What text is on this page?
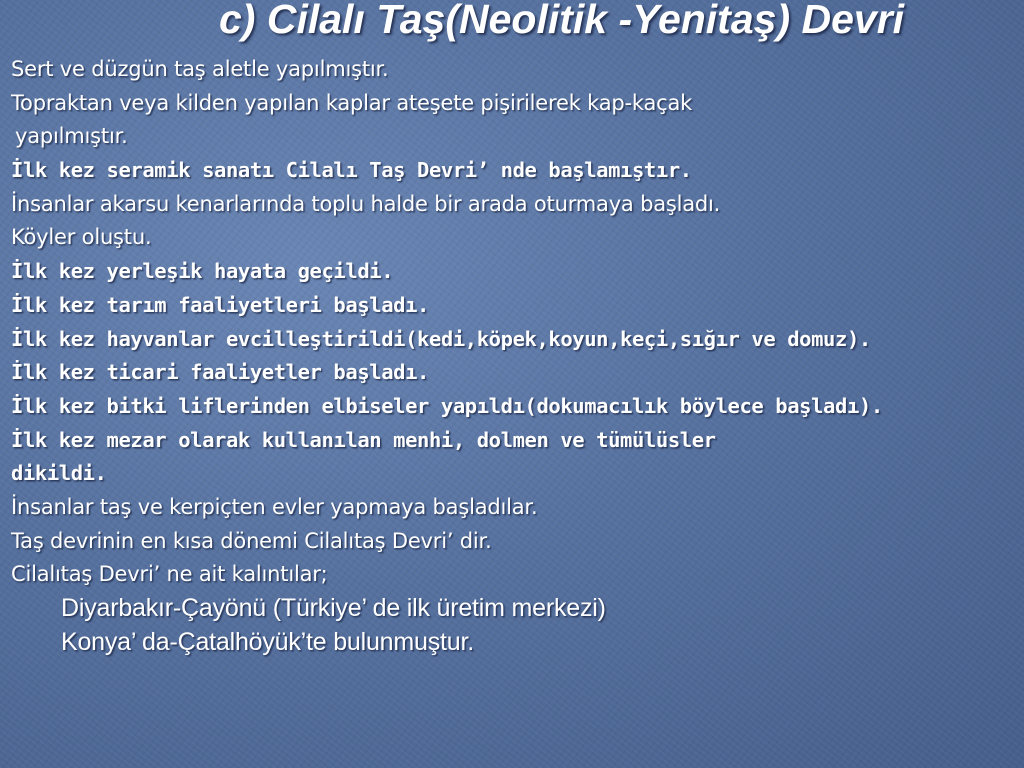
c) Cilalı Taş(Neolitik -Yenitaş) Devri
Sert ve düzgün taş aletle yapılmıştır.
Topraktan veya kilden yapılan kaplar ateşete pişirilerek kap-kaçak
yapılmıştır.
İlk kez seramik sanatı Cilalı Taş Devri’ nde başlamıştır.
İnsanlar akarsu kenarlarında toplu halde bir arada oturmaya başladı.
Köyler oluştu.
İlk kez yerleşik hayata geçildi.
İlk kez tarım faaliyetleri başladı.
İlk kez hayvanlar evcilleştirildi(kedi,köpek,koyun,keçi,sığır ve domuz).
İlk kez ticari faaliyetler başladı.
İlk kez bitki liflerinden elbiseler yapıldı(dokumacılık böylece başladı).
İlk kez mezar olarak kullanılan menhi, dolmen ve tümülüsler
dikildi.
İnsanlar taş ve kerpiçten evler yapmaya başladılar.
Taş devrinin en kısa dönemi Cilalıtaş Devri’ dir.
Cilalıtaş Devri’ ne ait kalıntılar;
Diyarbakır-Çayönü (Türkiye’ de ilk üretim merkezi)
Konya’ da-Çatalhöyük’te bulunmuştur.
